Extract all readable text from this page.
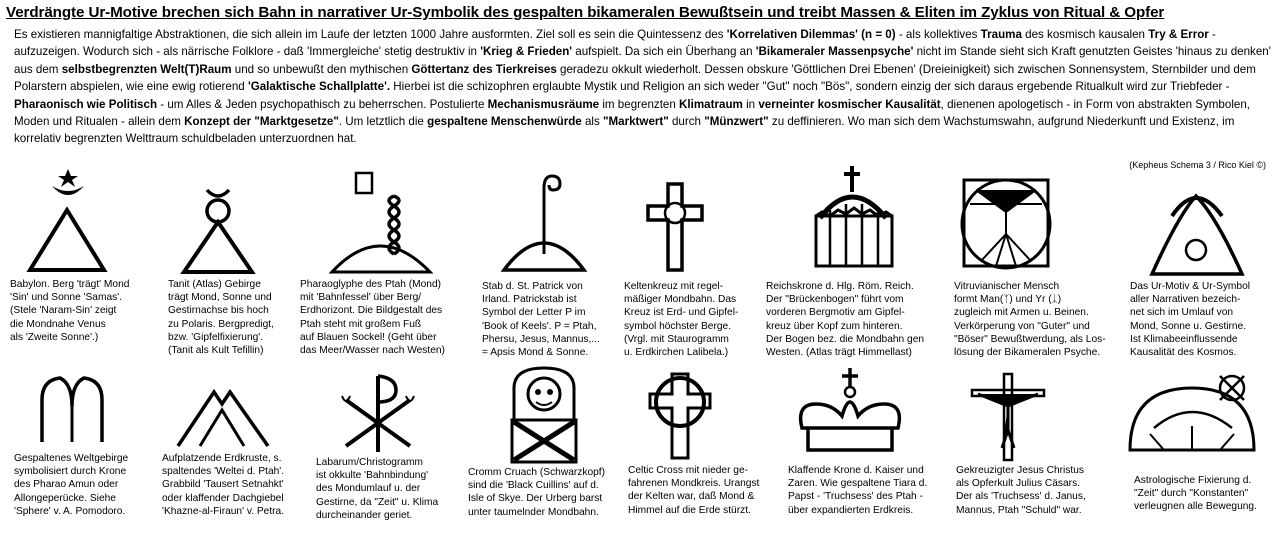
Verdrängte Ur-Motive brechen sich Bahn in narrativer Ur-Symbolik des gespalten bikameralen Bewußtsein und treibt Massen & Eliten im Zyklus von Ritual & Opfer
Es existieren mannigfaltige Abstraktionen, die sich allein im Laufe der letzten 1000 Jahre ausformten. Ziel soll es sein die Quintessenz des 'Korrelativen Dilemmas' (n = 0) - als kollektives Trauma des kosmisch kausalen Try & Error - aufzuzeigen. Wodurch sich - als närrische Folklore - daß 'Immergleiche' stetig destruktiv in 'Krieg & Frieden' aufspielt. Da sich ein Überhang an 'Bikameraler Massenpsyche' nicht im Stande sieht sich Kraft genutzten Geistes 'hinaus zu denken' aus dem selbstbegrenzten Welt(T)Raum und so unbewußt den mythischen Göttertanz des Tierkreises geradezu okkult wiederholt. Dessen obskure 'Göttlichen Drei Ebenen' (Dreieinigkeit) sich zwischen Sonnensystem, Sternbilder und dem Polarstern abspielen, wie eine ewig rotierend 'Galaktische Schallplatte'. Hierbei ist die schizophren erglaubte Mystik und Religion an sich weder "Gut" noch "Bös", sondern einzig der sich daraus ergebende Ritualkult wird zur Triebfeder - Pharaonisch wie Politisch - um Alles & Jeden psychopathisch zu beherrschen. Postulierte Mechanismusräume im begrenzten Klimatraum in verneinter kosmischer Kausalität, dienenen apologetisch - in Form von abstrakten Symbolen, Moden und Ritualen - allein dem Konzept der "Marktgesetze". Um letztlich die gespaltene Menschenwürde als "Marktwert" durch "Münzwert" zu deffinieren. Wo man sich dem Wachstumswahn, aufgrund Niederkunft und Existenz, im korrelativ begrenzten Welttraum schuldbeladen unterzuordnen hat.
(Kepheus Schema 3 / Rico Kiel ©)
Babylon. Berg 'trägt' Mond
'Sin' und Sonne 'Samas'.
(Stele 'Naram-Sin' zeigt
die Mondnahe Venus
als 'Zweite Sonne'.)
Tanit (Atlas) Gebirge
trägt Mond, Sonne und
Gestirnachse bis hoch
zu Polaris. Bergpredigt,
bzw. 'Gipfelfixierung'.
(Tanit als Kult Tefillin)
Pharaoglyphe des Ptah (Mond)
mit 'Bahnfessel' über Berg/
Erdhorizont. Die Bildgestalt des
Ptah steht mit großem Fuß
auf Blauen Sockel! (Geht über
das Meer/Wasser nach Westen)
Stab d. St. Patrick von
Irland. Patrickstab ist
Symbol der Letter P im
'Book of Keels'. P = Ptah,
Phersu, Jesus, Mannus,...
= Apsis Mond & Sonne.
Keltenkreuz mit regel-
mäßiger Mondbahn. Das
Kreuz ist Erd- und Gipfel-
symbol höchster Berge.
(Vrgl. mit Staurogramm
u. Erdkirchen Lalibela.)
Reichskrone d. Hlg. Röm. Reich.
Der "Brückenbogen" führt vom
vorderen Bergmotiv am Gipfel-
kreuz über Kopf zum hinteren.
Der Bogen bez. die Mondbahn gen
Westen. (Atlas trägt Himmellast)
Vitruvianischer Mensch
formt Man(ᛉ) und Yr (ᛣ)
zugleich mit Armen u. Beinen.
Verkörperung von "Guter" und
"Böser" Bewußtwerdung, als Los-
lösung der Bikameralen Psyche.
Das Ur-Motiv & Ur-Symbol
aller Narrativen bezeich-
net sich im Umlauf von
Mond, Sonne u. Gestirne.
Ist Klimabeeinflussende
Kausalität des Kosmos.
Gespaltenes Weltgebirge
symbolisiert durch Krone
des Pharao Amun oder
Allongeperücke. Siehe
'Sphere' v. A. Pomodoro.
Aufplatzende Erdkruste, s.
spaltendes 'Weltei d. Ptah'.
Grabbild 'Tausert Setnahkt'
oder klaffender Dachgiebel
'Khazne-al-Firaun' v. Petra.
Labarum/Christogramm
ist okkulte 'Bahnbindung'
des Mondumlauf u. der
Gestirne, da "Zeit" u. Klima
durcheinander geriet.
Cromm Cruach (Schwarzkopf)
sind die 'Black Cuillins' auf d.
Isle of Skye. Der Urberg barst
unter taumelnder Mondbahn.
Celtic Cross mit nieder ge-
fahrenen Mondkreis. Urangst
der Kelten war, daß Mond &
Himmel auf die Erde stürzt.
Klaffende Krone d. Kaiser und
Zaren. Wie gespaltene Tiara d.
Papst - 'Truchsess' des Ptah -
über expandierten Erdkreis.
Gekreuzigter Jesus Christus
als Opferkult Julius Cäsars.
Der als 'Truchsess' d. Janus,
Mannus, Ptah "Schuld" war.
Astrologische Fixierung d.
"Zeit" durch "Konstanten"
verleugnen alle Bewegung.
